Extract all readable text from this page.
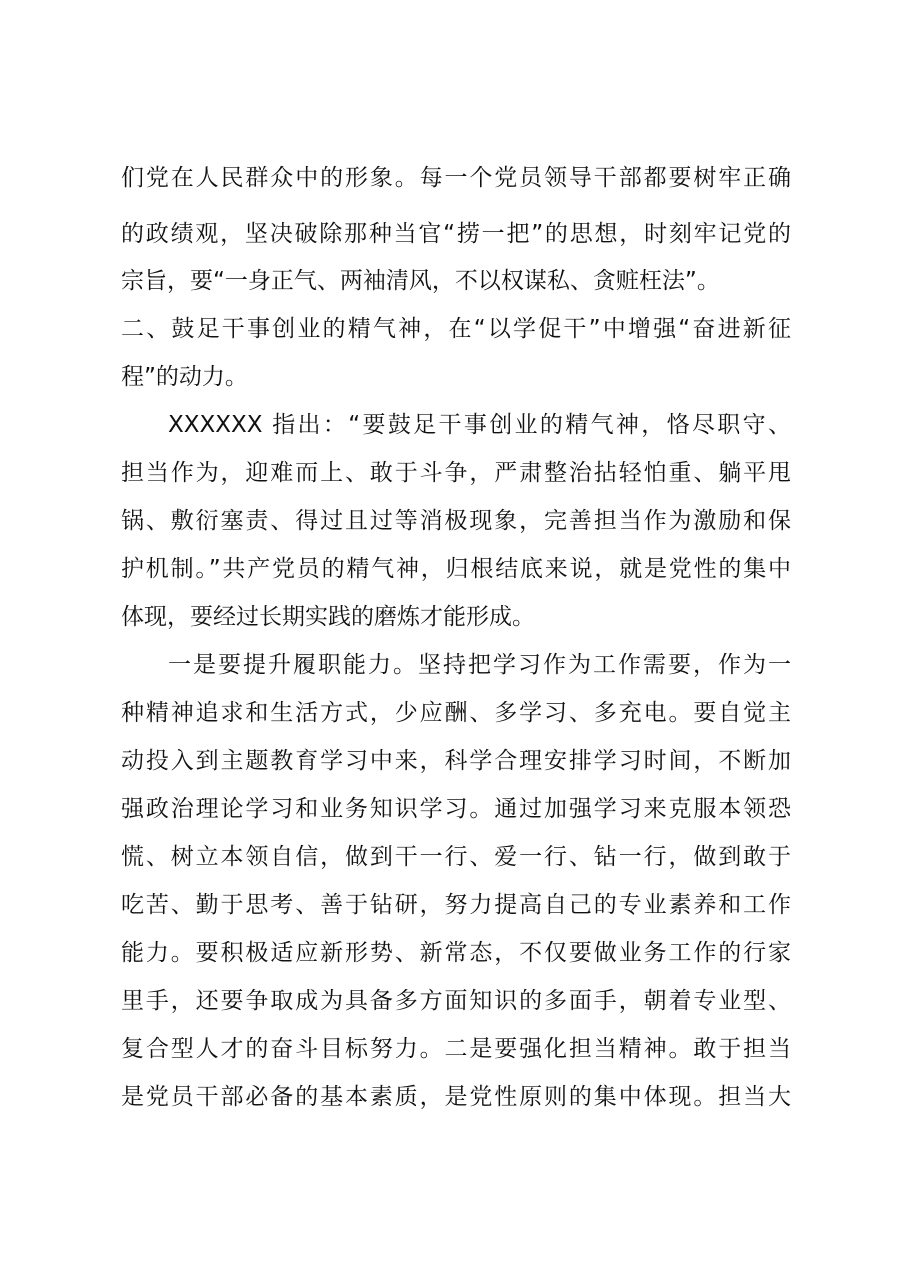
们党在人民群众中的形象。每一个党员领导干部都要树牢正确
的政绩观，坚决破除那种当官“捞一把”的思想，时刻牢记党的
宗旨，要“一身正气、两袖清风，不以权谋私、贪赃枉法”。
二、鼓足干事创业的精气神，在“以学促干”中增强“奋进新征
程”的动力。
XXXXXX 指出：“要鼓足干事创业的精气神，恪尽职守、
担当作为，迎难而上、敢于斗争，严肃整治拈轻怕重、躺平甩
锅、敷衍塞责、得过且过等消极现象，完善担当作为激励和保
护机制。”共产党员的精气神，归根结底来说，就是党性的集中
体现，要经过长期实践的磨炼才能形成。
一是要提升履职能力。坚持把学习作为工作需要，作为一
种精神追求和生活方式，少应酬、多学习、多充电。要自觉主
动投入到主题教育学习中来，科学合理安排学习时间，不断加
强政治理论学习和业务知识学习。通过加强学习来克服本领恐
慌、树立本领自信，做到干一行、爱一行、钻一行，做到敢于
吃苦、勤于思考、善于钻研，努力提高自己的专业素养和工作
能力。要积极适应新形势、新常态，不仅要做业务工作的行家
里手，还要争取成为具备多方面知识的多面手，朝着专业型、
复合型人才的奋斗目标努力。二是要强化担当精神。敢于担当
是党员干部必备的基本素质，是党性原则的集中体现。担当大
